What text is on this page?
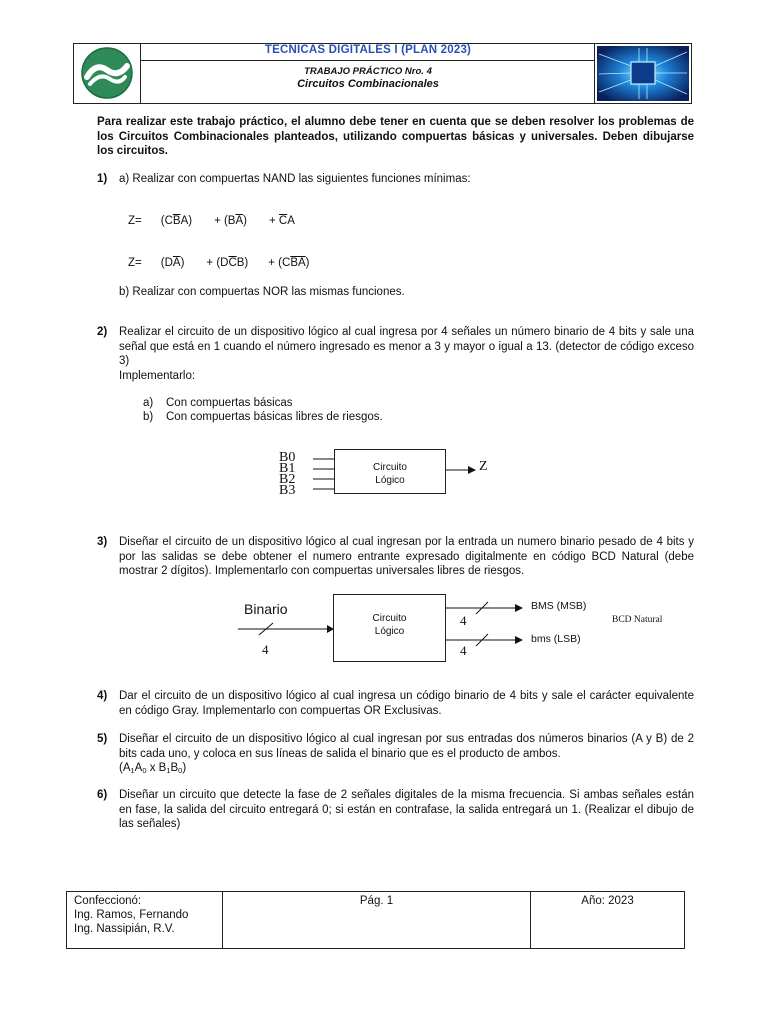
TECNICAS DIGITALES I (PLAN 2023)
TRABAJO PRÁCTICO Nro. 4
Circuitos Combinacionales
Para realizar este trabajo práctico, el alumno debe tener en cuenta que se deben resolver los problemas de los Circuitos Combinacionales planteados, utilizando compuertas básicas y universales. Deben dibujarse los circuitos.
1) a) Realizar con compuertas NAND las siguientes funciones mínimas:
$Z= (C\overline{B}A) + (B\overline{A}) + \overline{C}A$
$Z= (D\overline{A}) + (D\overline{C}B) + (C\overline{B}\overline{A})$
b) Realizar con compuertas NOR las mismas funciones.
2) Realizar el circuito de un dispositivo lógico al cual ingresa por 4 señales un número binario de 4 bits y sale una señal que está en 1 cuando el número ingresado es menor a 3 y mayor o igual a 13. (detector de código exceso 3)
Implementarlo:
a) Con compuertas básicas
b) Con compuertas básicas libres de riesgos.
B0
B1
B2
B3
Circuito
Lógico
Z
3) Diseñar el circuito de un dispositivo lógico al cual ingresan por la entrada un numero binario pesado de 4 bits y por las salidas se debe obtener el numero entrante expresado digitalmente en código BCD Natural (debe mostrar 2 dígitos). Implementarlo con compuertas universales libres de riesgos.
Binario
4
Circuito
Lógico
BMS (MSB)
4
bms (LSB)
4
BCD Natural
4) Dar el circuito de un dispositivo lógico al cual ingresa un código binario de 4 bits y sale el carácter equivalente en código Gray. Implementarlo con compuertas OR Exclusivas.
5) Diseñar el circuito de un dispositivo lógico al cual ingresan por sus entradas dos números binarios (A y B) de 2 bits cada uno, y coloca en sus líneas de salida el binario que es el producto de ambos.
($A_1A_0$ x $B_1B_0$)
6) Diseñar un circuito que detecte la fase de 2 señales digitales de la misma frecuencia. Si ambas señales están en fase, la salida del circuito entregará 0; si están en contrafase, la salida entregará un 1. (Realizar el dibujo de las señales)
Confeccionó:
Ing. Ramos, Fernando
Ing. Nassipián, R.V.
Pág. 1	Año: 2023
